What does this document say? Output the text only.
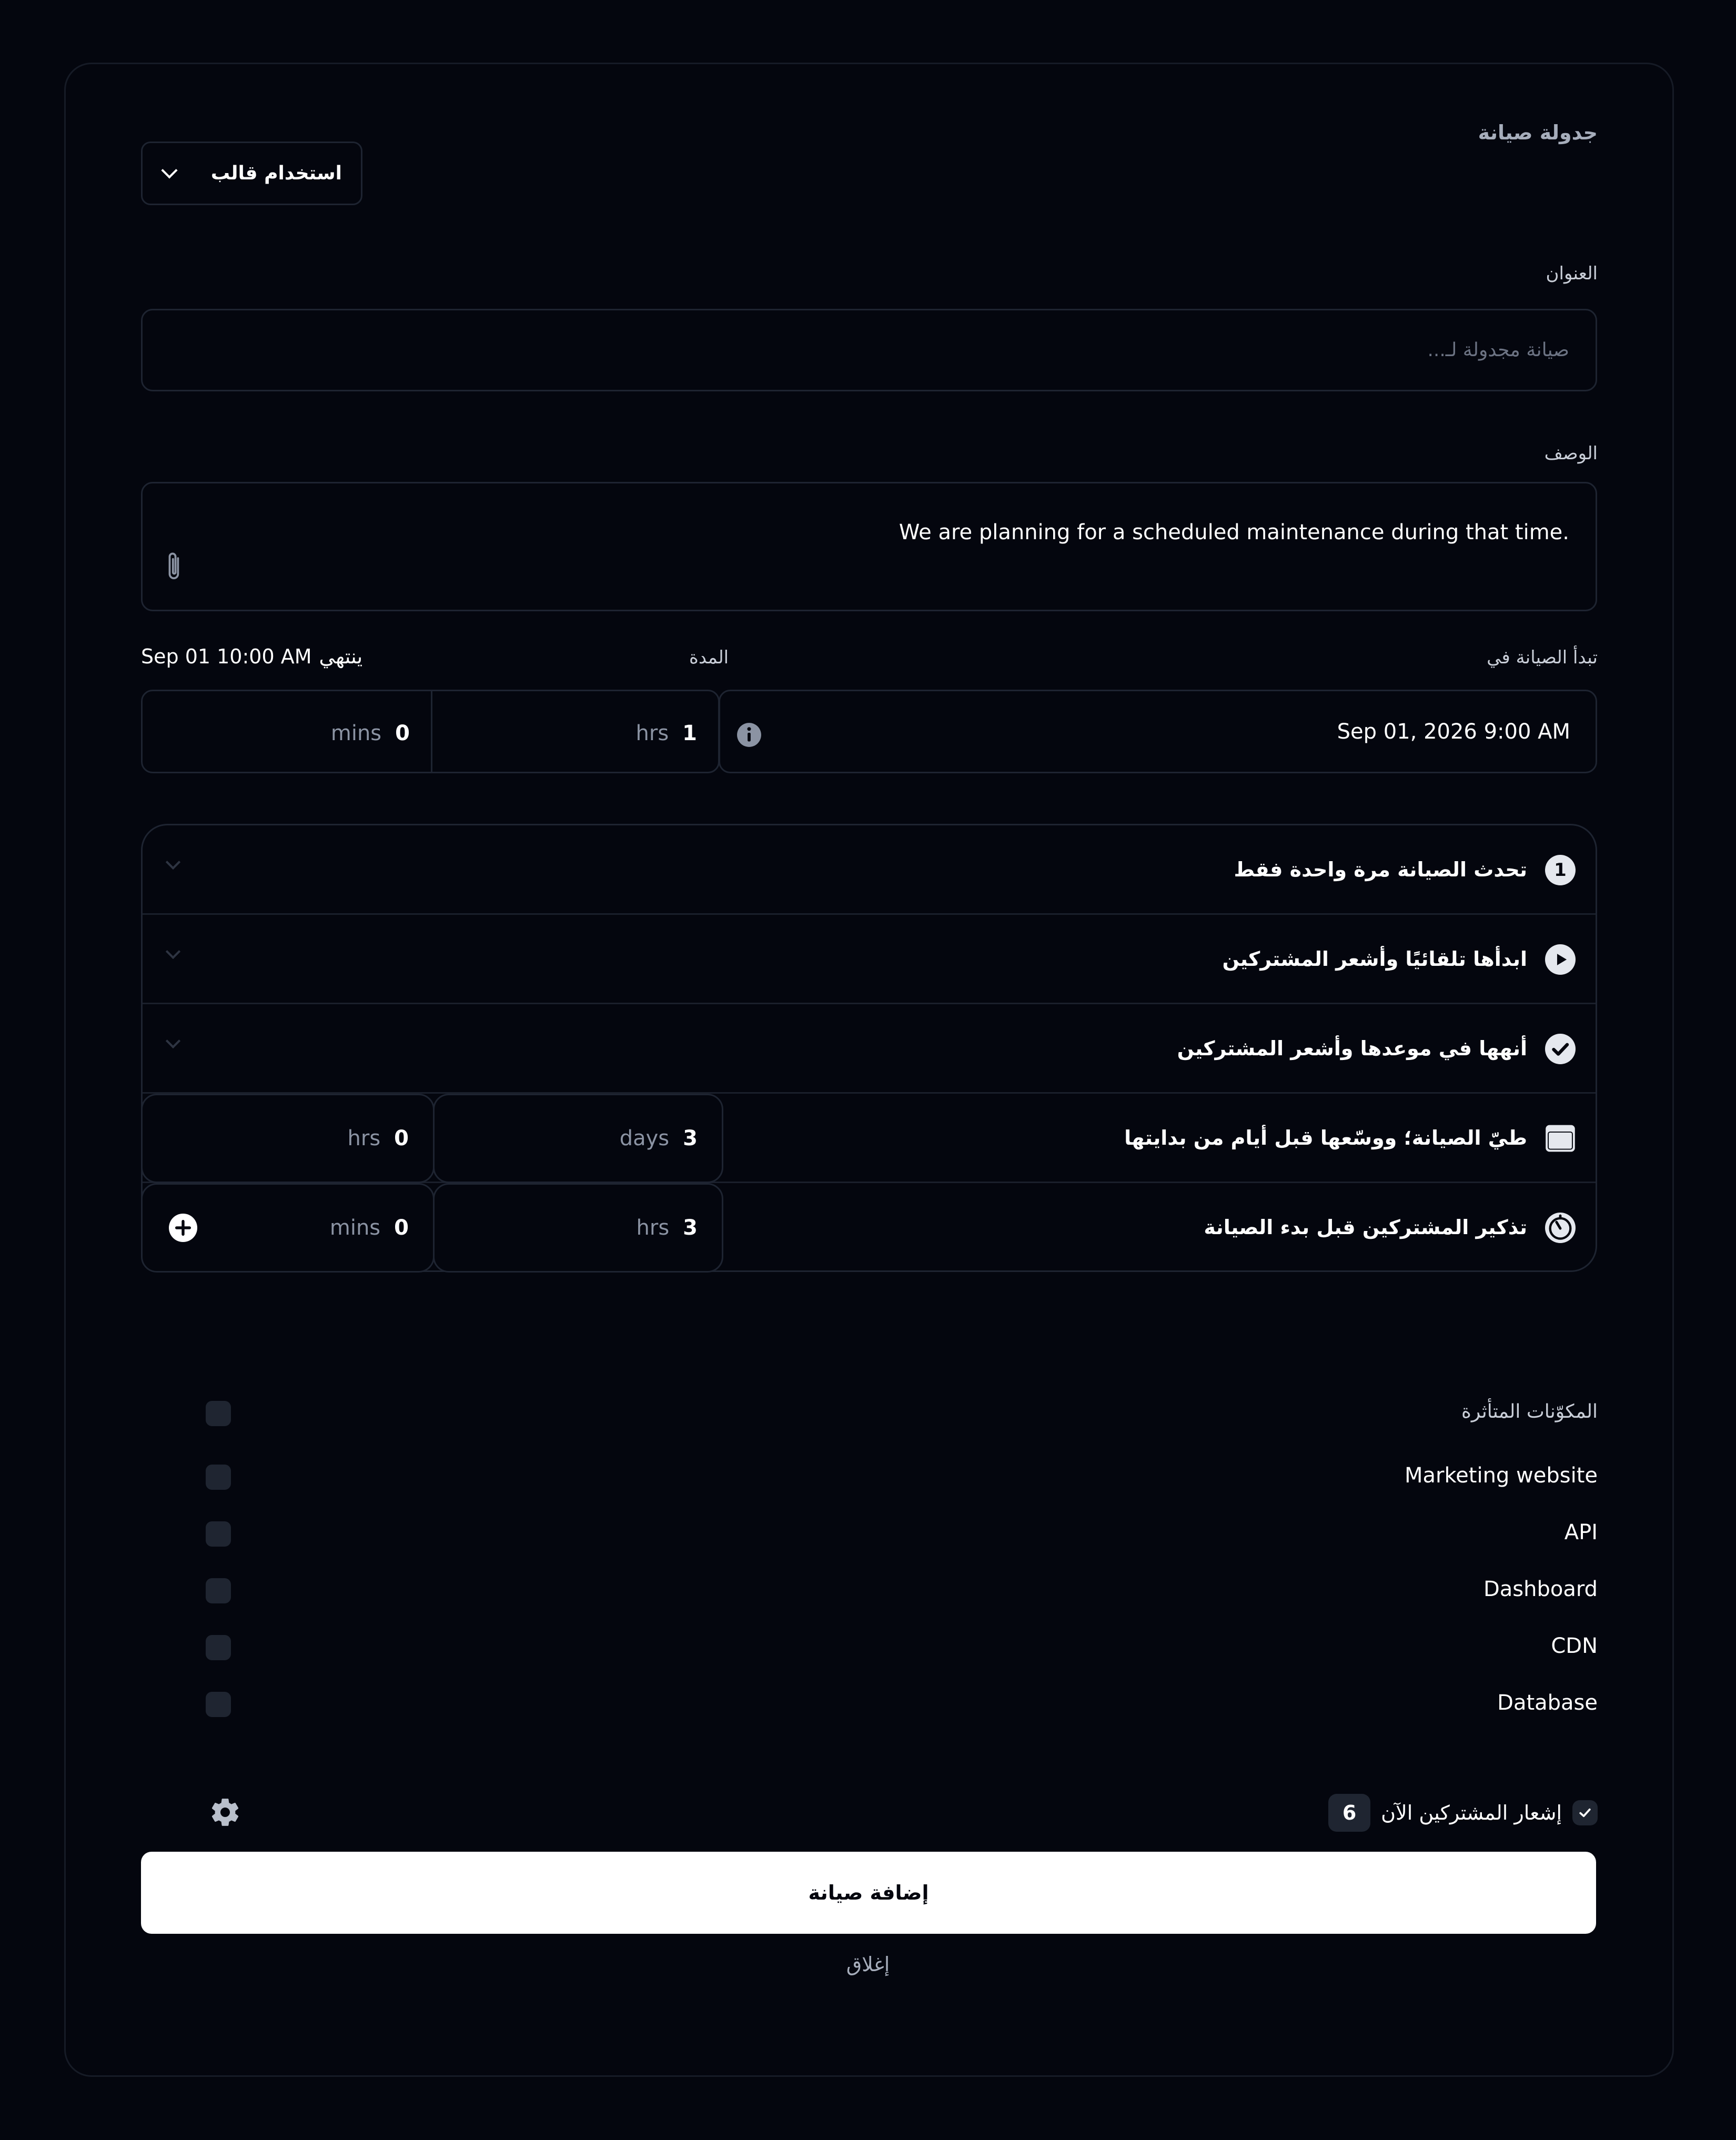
جدولة صيانة
استخدام قالب
العنوان
صيانة مجدولة لـ...
الوصف
We are planning for a scheduled maintenance during that time.
تبدأ الصيانة في
المدة
ينتهي
Sep 01 10:00 AM
Sep 01, 2026 9:00 AM
1
hrs
0
mins
1
تحدث الصيانة مرة واحدة فقط
ابدأها تلقائيًا وأشعر المشتركين
أنهها في موعدها وأشعر المشتركين
طيّ الصيانة؛ ووسّعها قبل أيام من بدايتها
3
days
0
hrs
تذكير المشتركين قبل بدء الصيانة
3
hrs
0
mins
المكوّنات المتأثرة
Marketing website
API
Dashboard
CDN
Database
إشعار المشتركين الآن
6
إضافة صيانة
إغلاق
